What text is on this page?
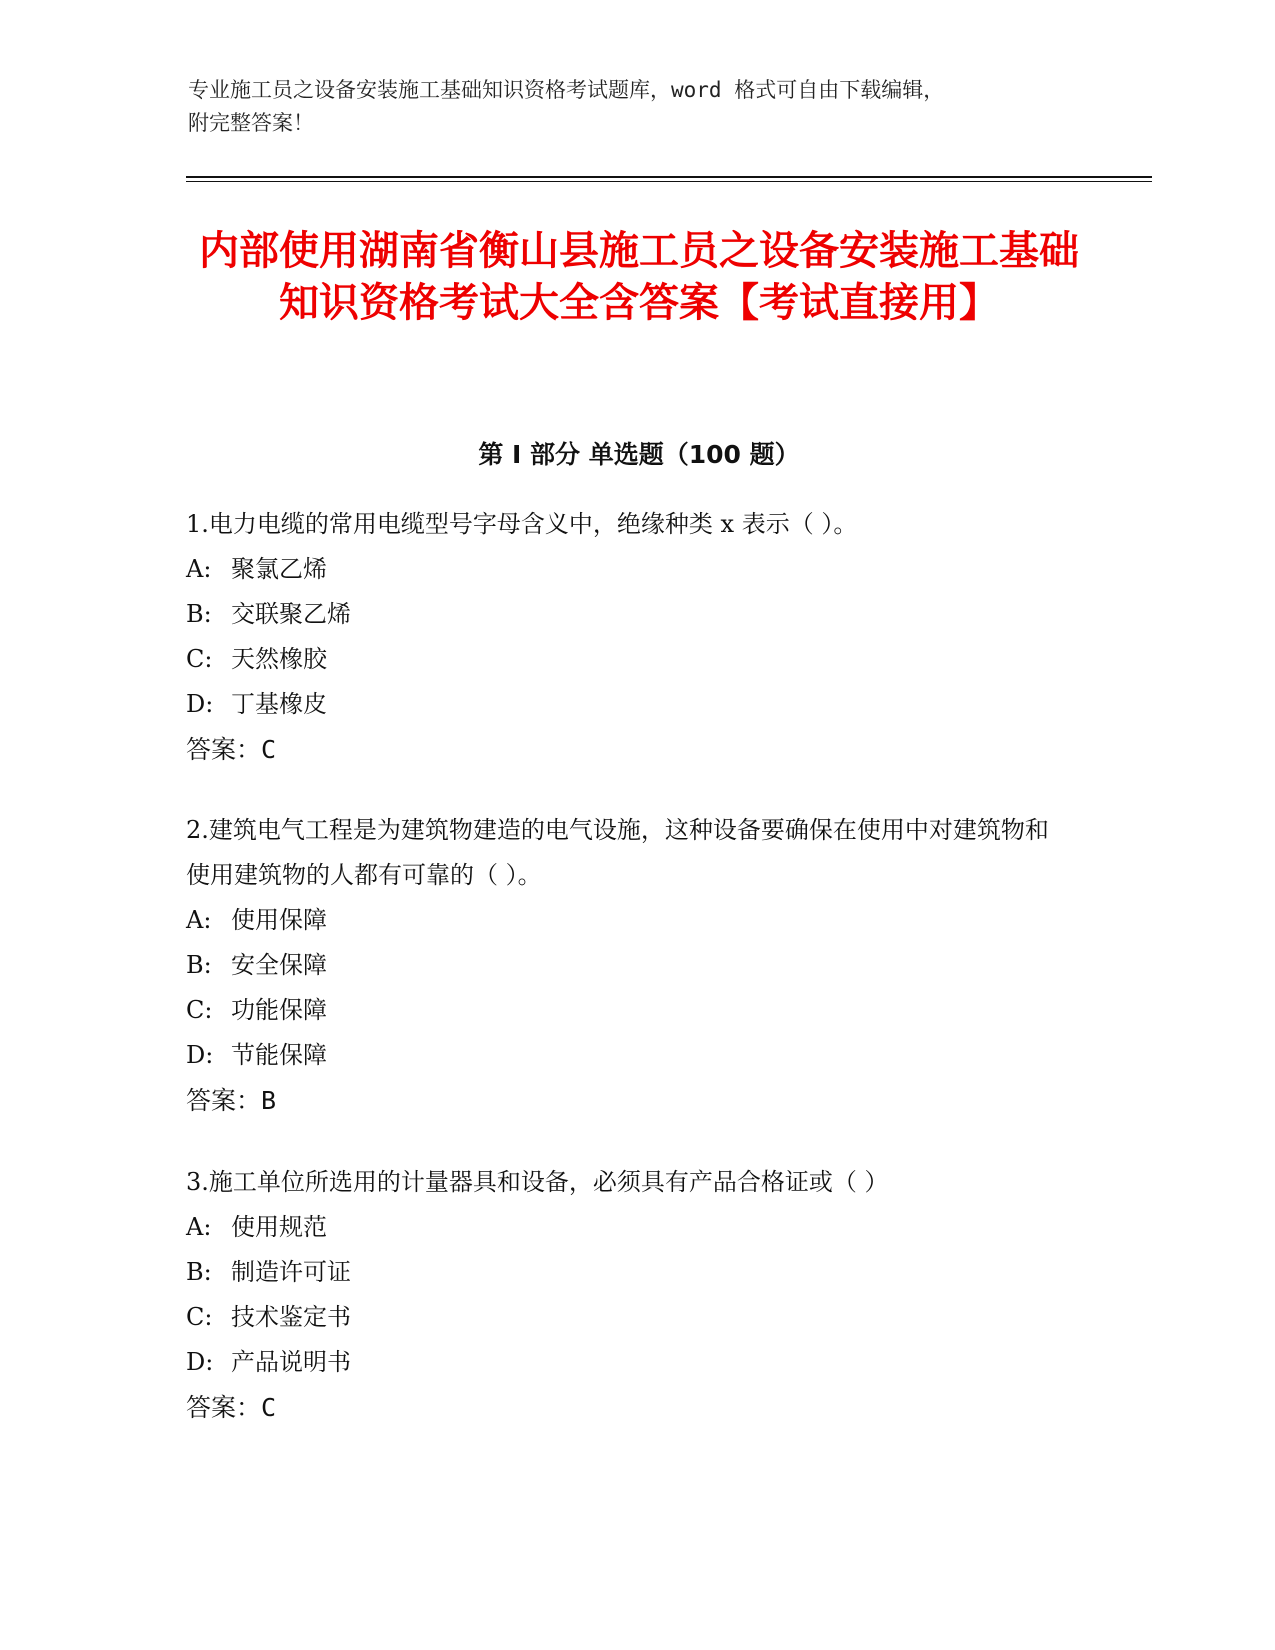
专业施工员之设备安装施工基础知识资格考试题库，word 格式可自由下载编辑，
附完整答案！
内部使用湖南省衡山县施工员之设备安装施工基础知识资格考试大全含答案【考试直接用】
第 I 部分 单选题（100 题）
1.电力电缆的常用电缆型号字母含义中，绝缘种类 x 表示（ ）。
A: 聚氯乙烯
B: 交联聚乙烯
C: 天然橡胶
D: 丁基橡皮
答案：C
2.建筑电气工程是为建筑物建造的电气设施，这种设备要确保在使用中对建筑物和使用建筑物的人都有可靠的（ ）。
A: 使用保障
B: 安全保障
C: 功能保障
D: 节能保障
答案：B
3.施工单位所选用的计量器具和设备，必须具有产品合格证或（ ）
A: 使用规范
B: 制造许可证
C: 技术鉴定书
D: 产品说明书
答案：C
